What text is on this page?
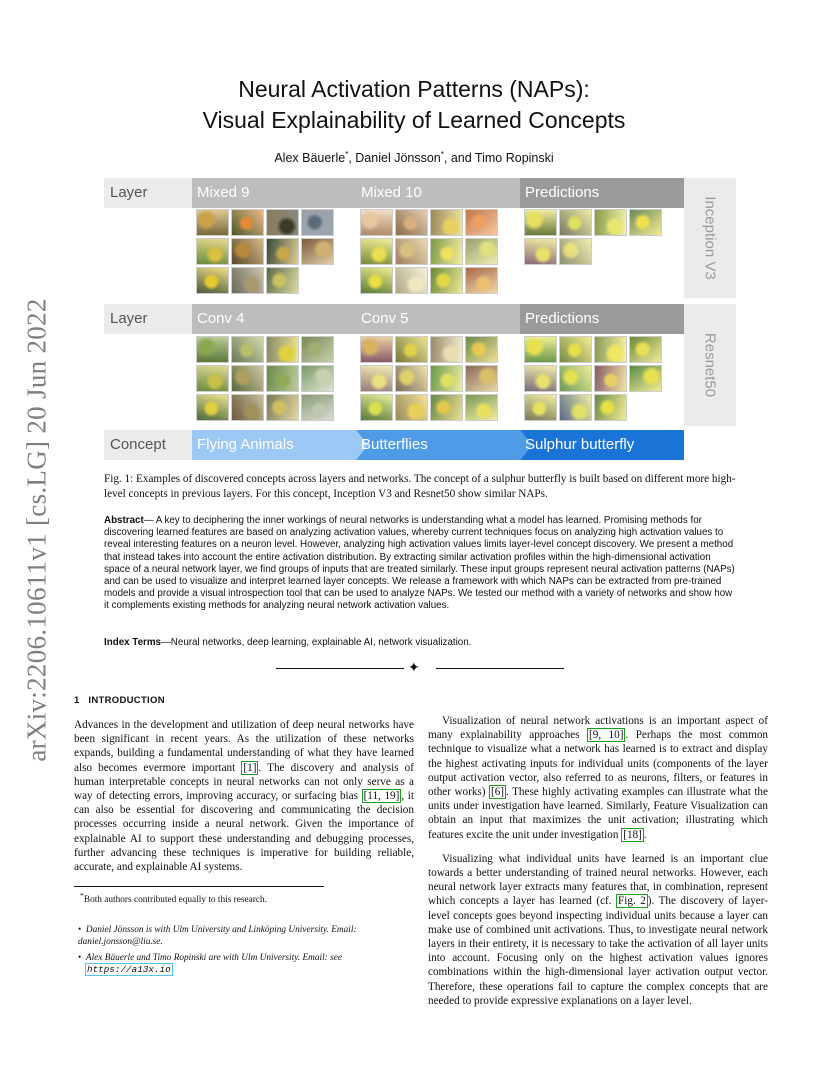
arXiv:2206.10611v1 [cs.LG] 20 Jun 2022
Neural Activation Patterns (NAPs):
Visual Explainability of Learned Concepts
Alex Bäuerle*, Daniel Jönsson*, and Timo Ropinski
Layer	Mixed 9	Mixed 10	Predictions
Inception V3
Layer	Conv 4	Conv 5	Predictions
Resnet50
Concept	Flying Animals	Butterflies	Sulphur butterfly
Fig. 1: Examples of discovered concepts across layers and networks. The concept of a sulphur butterfly is built based on different more high-level concepts in previous layers. For this concept, Inception V3 and Resnet50 show similar NAPs.
Abstract— A key to deciphering the inner workings of neural networks is understanding what a model has learned. Promising methods for discovering learned features are based on analyzing activation values, whereby current techniques focus on analyzing high activation values to reveal interesting features on a neuron level. However, analyzing high activation values limits layer-level concept discovery. We present a method that instead takes into account the entire activation distribution. By extracting similar activation profiles within the high-dimensional activation space of a neural network layer, we find groups of inputs that are treated similarly. These input groups represent neural activation patterns (NAPs) and can be used to visualize and interpret learned layer concepts. We release a framework with which NAPs can be extracted from pre-trained models and provide a visual introspection tool that can be used to analyze NAPs. We tested our method with a variety of networks and show how it complements existing methods for analyzing neural network activation values.
Index Terms—Neural networks, deep learning, explainable AI, network visualization.
✦
1 INTRODUCTION

Advances in the development and utilization of deep neural networks have been significant in recent years. As the utilization of these networks expands, building a fundamental understanding of what they have learned also becomes evermore important [1] . The discovery and analysis of human interpretable concepts in neural networks can not only serve as a way of detecting errors, improving accuracy, or surfacing bias [11, 19] , it can also be essential for discovering and communicating the decision processes occurring inside a neural network. Given the importance of explainable AI to support these understanding and debugging processes, further advancing these techniques is imperative for building reliable, accurate, and explainable AI systems.

*Both authors contributed equally to this research.
• Daniel Jönsson is with Ulm University and Linköping University. Email: daniel.jonsson@liu.se.
• Alex Bäuerle and Timo Ropinski are with Ulm University. Email: see
https://a13x.io

Visualization of neural network activations is an important aspect of many explainability approaches [9, 10] . Perhaps the most common technique to visualize what a network has learned is to extract and display the highest activating inputs for individual units (components of the layer output activation vector, also referred to as neurons, filters, or features in other works) [6] . These highly activating examples can illustrate what the units under investigation have learned. Similarly, Feature Visualization can obtain an input that maximizes the unit activation; illustrating which features excite the unit under investigation [18] .

Visualizing what individual units have learned is an important clue towards a better understanding of trained neural networks. However, each neural network layer extracts many features that, in combination, represent which concepts a layer has learned (cf. Fig. 2 ). The discovery of layer-level concepts goes beyond inspecting individual units because a layer can make use of combined unit activations. Thus, to investigate neural network layers in their entirety, it is necessary to take the activation of all layer units into account. Focusing only on the highest activation values ignores combinations within the high-dimensional layer activation output vector. Therefore, these operations fail to capture the complex concepts that are needed to provide expressive explanations on a layer level.
